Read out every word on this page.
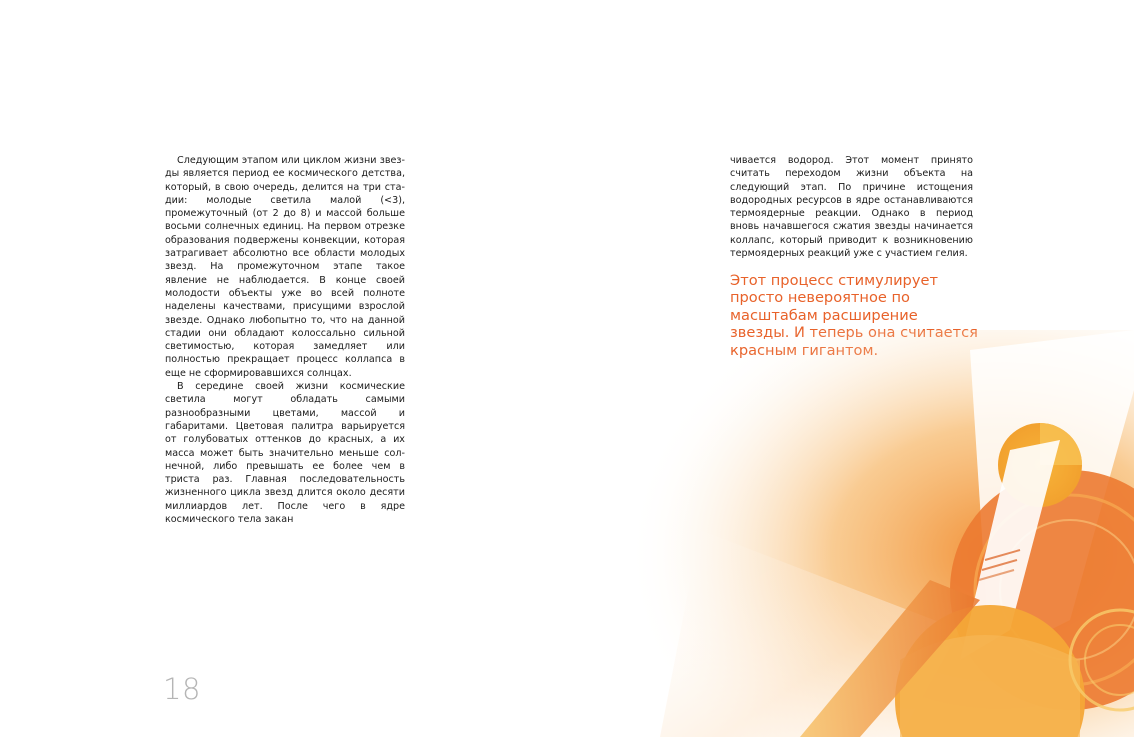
Следующим этапом или циклом жизни звезды является период ее космического детства, который, в свою очередь, делится на три стадии: молодые светила малой (<3), промежуточный (от 2 до 8) и массой больше восьми солнечных единиц. На первом отрезке образования подвержены конвекции, которая затрагивает абсолютно все области молодых звезд. На промежуточном этапе такое явление не наблюдается. В конце своей молодости объекты уже во всей полноте наделены качествами, присущими взрослой звезде. Однако любопытно то, что на данной стадии они обладают колоссально сильной светимостью, которая замедляет или полностью прекращает процесс коллапса в еще не сформировавшихся солнцах.

В середине своей жизни космические светила могут обладать самыми разнообразными цветами, массой и габаритами. Цветовая палитра варьируется от голубоватых оттенков до красных, а их масса может быть значительно меньше солнечной, либо превышать ее более чем в триста раз. Главная последовательность жизненного цикла звезд длится около десяти миллиардов лет. После чего в ядре космического тела закан

чивается водород. Этот момент принято считать переходом жизни объекта на следующий этап. По причине истощения водородных ресурсов в ядре останавливаются термоядерные реакции. Однако в период вновь начавшегося сжатия звезды начинается коллапс, который приводит к возникновению термоядерных реакций уже с участием гелия.

Этот процесс стимулирует просто невероятное по масштабам расширение
18
